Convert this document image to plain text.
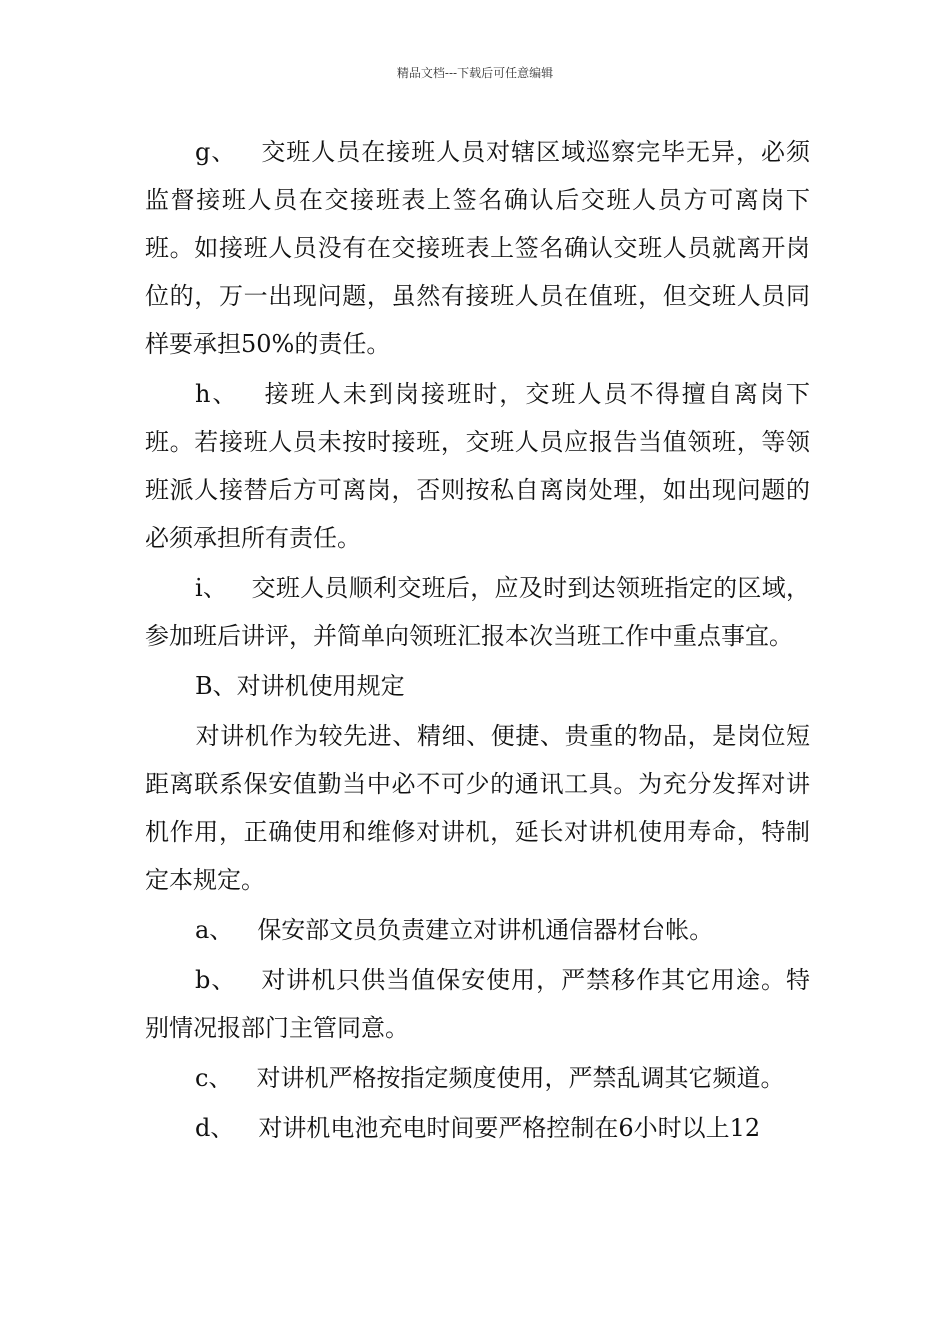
精品文档---下载后可任意编辑

g、  交班人员在接班人员对辖区域巡察完毕无异，必须监督接班人员在交接班表上签名确认后交班人员方可离岗下班。如接班人员没有在交接班表上签名确认交班人员就离开岗位的，万一出现问题，虽然有接班人员在值班，但交班人员同样要承担50%的责任。

h、  接班人未到岗接班时，交班人员不得擅自离岗下班。若接班人员未按时接班，交班人员应报告当值领班，等领班派人接替后方可离岗，否则按私自离岗处理，如出现问题的必须承担所有责任。

i、  交班人员顺利交班后，应及时到达领班指定的区域，参加班后讲评，并简单向领班汇报本次当班工作中重点事宜。

B、对讲机使用规定

对讲机作为较先进、精细、便捷、贵重的物品，是岗位短距离联系保安值勤当中必不可少的通讯工具。为充分发挥对讲机作用，正确使用和维修对讲机，延长对讲机使用寿命，特制定本规定。

a、  保安部文员负责建立对讲机通信器材台帐。

b、  对讲机只供当值保安使用，严禁移作其它用途。特别情况报部门主管同意。

c、  对讲机严格按指定频度使用，严禁乱调其它频道。

d、  对讲机电池充电时间要严格控制在6小时以上12
